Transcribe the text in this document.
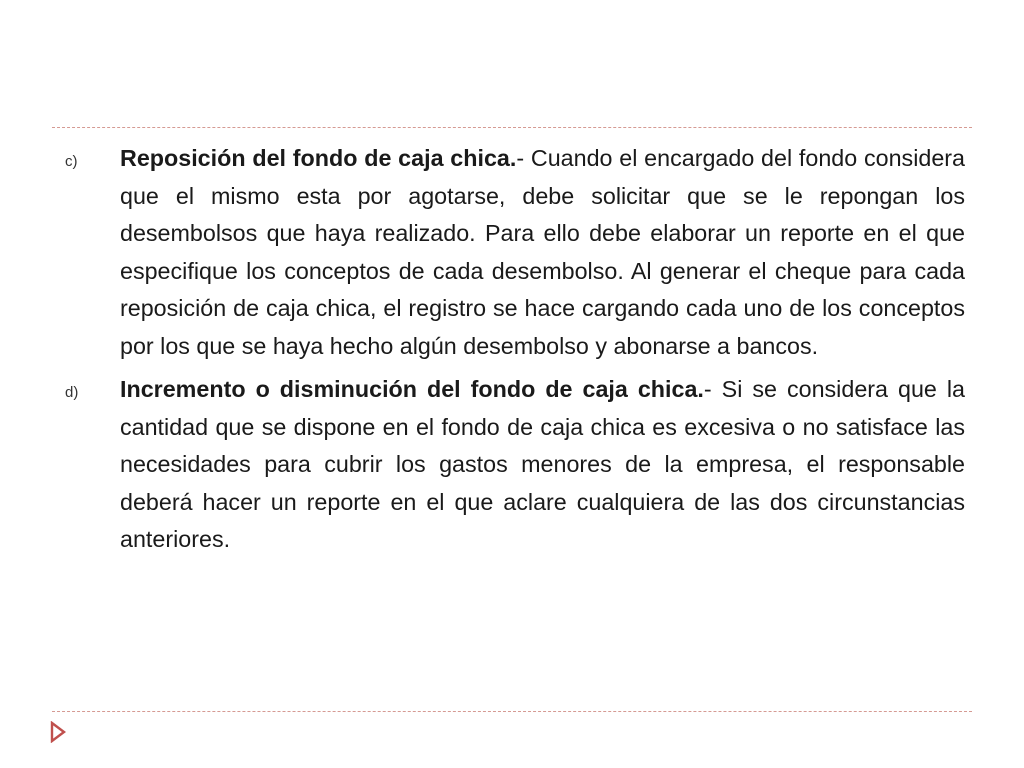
c) Reposición del fondo de caja chica.- Cuando el encargado del fondo considera que el mismo esta por agotarse, debe solicitar que se le repongan los desembolsos que haya realizado. Para ello debe elaborar un reporte en el que especifique los conceptos de cada desembolso. Al generar el cheque para cada reposición de caja chica, el registro se hace cargando cada uno de los conceptos por los que se haya hecho algún desembolso y abonarse a bancos.

d) Incremento o disminución del fondo de caja chica.- Si se considera que la cantidad que se dispone en el fondo de caja chica es excesiva o no satisface las necesidades para cubrir los gastos menores de la empresa, el responsable deberá hacer un reporte en el que aclare cualquiera de las dos circunstancias anteriores.
